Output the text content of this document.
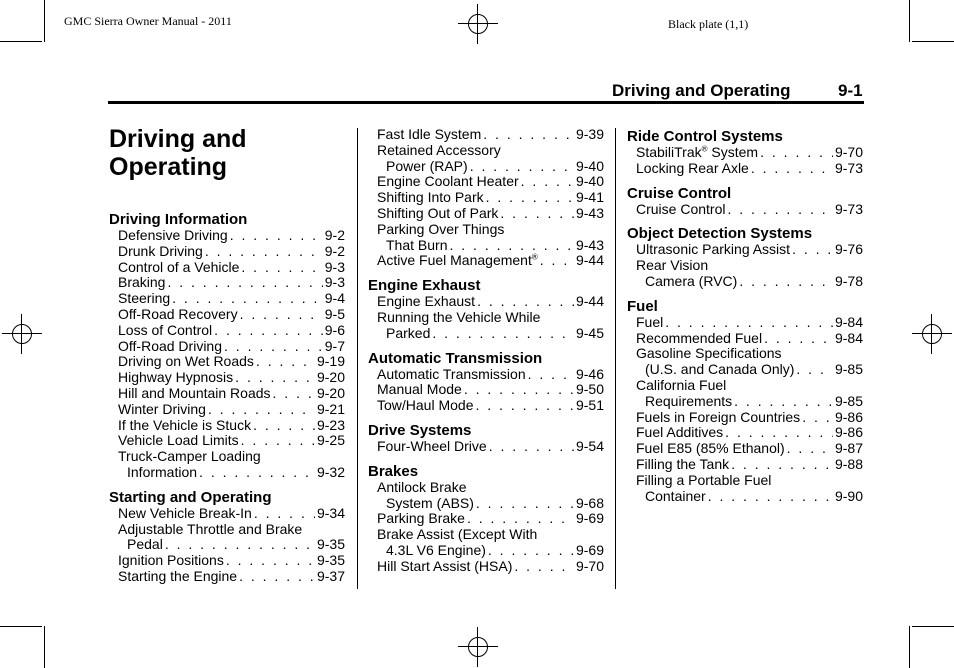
GMC Sierra Owner Manual - 2011	Black plate (1,1)
Driving and Operating	9-1
Driving and
Operating
Driving Information
Defensive Driving . . .	9-2
Drunk Driving . . .	9-2
Control of a Vehicle . . .	9-3
Braking . . .	9-3
Steering . . .	9-4
Off-Road Recovery . . .	9-5
Loss of Control . . .	9-6
Off-Road Driving . . .	9-7
Driving on Wet Roads . . .	9-19
Highway Hypnosis . . .	9-20
Hill and Mountain Roads . . .	9-20
Winter Driving . . .	9-21
If the Vehicle is Stuck . . .	9-23
Vehicle Load Limits . . .	9-25
Truck-Camper Loading
Information . . .	9-32
Starting and Operating
New Vehicle Break-In . . .	9-34
Adjustable Throttle and Brake
Pedal . . .	9-35
Ignition Positions . . .	9-35
Starting the Engine . . .	9-37
Fast Idle System . . .	9-39
Retained Accessory
Power (RAP) . . .	9-40
Engine Coolant Heater . . .	9-40
Shifting Into Park . . .	9-41
Shifting Out of Park . . .	9-43
Parking Over Things
That Burn . . .	9-43
Active Fuel Management® . . .	9-44
Engine Exhaust
Engine Exhaust . . .	9-44
Running the Vehicle While
Parked . . .	9-45
Automatic Transmission
Automatic Transmission . . .	9-46
Manual Mode . . .	9-50
Tow/Haul Mode . . .	9-51
Drive Systems
Four-Wheel Drive . . .	9-54
Brakes
Antilock Brake
System (ABS) . . .	9-68
Parking Brake . . .	9-69
Brake Assist (Except With
4.3L V6 Engine) . . .	9-69
Hill Start Assist (HSA) . . .	9-70
Ride Control Systems
StabiliTrak® System . . .	9-70
Locking Rear Axle . . .	9-73
Cruise Control
Cruise Control . . .	9-73
Object Detection Systems
Ultrasonic Parking Assist . . .	9-76
Rear Vision
Camera (RVC) . . .	9-78
Fuel
Fuel . . .	9-84
Recommended Fuel . . .	9-84
Gasoline Specifications
(U.S. and Canada Only) . . .	9-85
California Fuel
Requirements . . .	9-85
Fuels in Foreign Countries . . . 9-86
Fuel Additives . . .	9-86
Fuel E85 (85% Ethanol) . . .	9-87
Filling the Tank . . .	9-88
Filling a Portable Fuel
Container . . .	9-90
